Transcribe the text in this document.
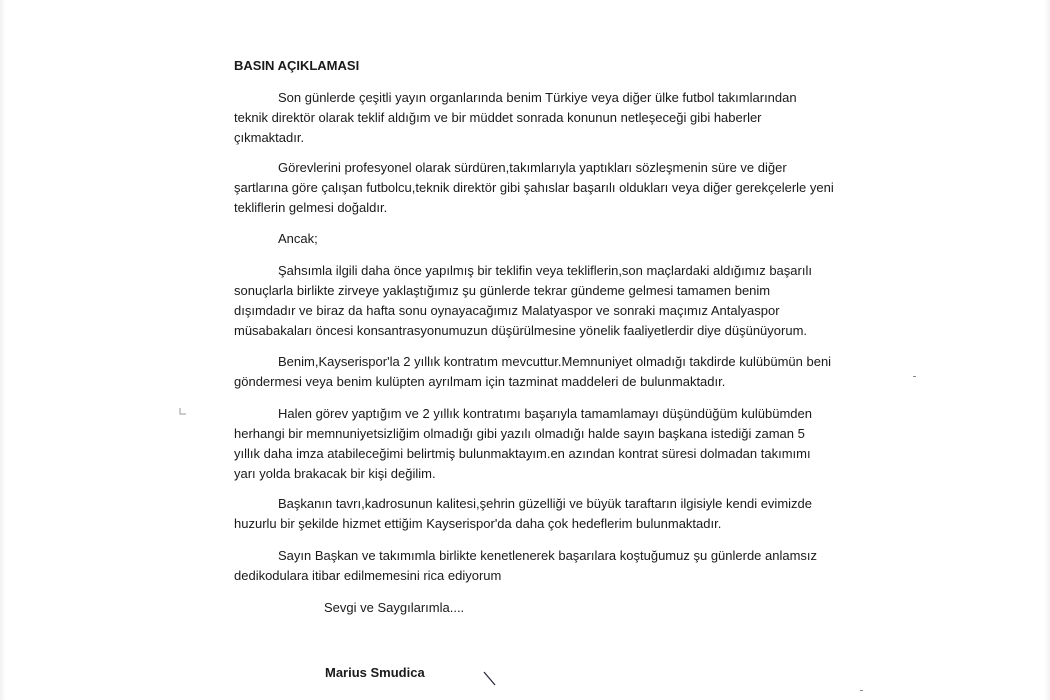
BASIN AÇIKLAMASI

Son günlerde çeşitli yayın organlarında benim Türkiye veya diğer ülke futbol takımlarından teknik direktör olarak teklif aldığım ve bir müddet sonrada konunun netleşeceği gibi haberler çıkmaktadır.

Görevlerini profesyonel olarak sürdüren,takımlarıyla yaptıkları sözleşmenin süre ve diğer şartlarına göre çalışan futbolcu,teknik direktör gibi şahıslar başarılı oldukları veya diğer gerekçelerle yeni tekliflerin gelmesi doğaldır.

Ancak;

Şahsımla ilgili daha önce yapılmış bir teklifin veya tekliflerin,son maçlardaki aldığımız başarılı sonuçlarla birlikte zirveye yaklaştığımız şu günlerde tekrar gündeme gelmesi tamamen benim dışımdadır ve biraz da hafta sonu oynayacağımız Malatyaspor ve sonraki maçımız Antalyaspor müsabakaları öncesi konsantrasyonumuzun düşürülmesine yönelik faaliyetlerdir diye düşünüyorum.

Benim,Kayserispor'la 2 yıllık kontratım mevcuttur.Memnuniyet olmadığı takdirde kulübümün beni göndermesi veya benim kulüpten ayrılmam için tazminat maddeleri de bulunmaktadır.

Halen görev yaptığım ve 2 yıllık kontratımı başarıyla tamamlamayı düşündüğüm kulübümden herhangi bir memnuniyetsizliğim olmadığı gibi yazılı olmadığı halde sayın başkana istediği zaman 5 yıllık daha imza atabileceğimi belirtmiş bulunmaktayım.en azından kontrat süresi dolmadan takımımı yarı yolda brakacak bir kişi değilim.

Başkanın tavrı,kadrosunun kalitesi,şehrin güzelliği ve büyük taraftarın ilgisiyle kendi evimizde huzurlu bir şekilde hizmet ettiğim Kayserispor'da daha çok hedeflerim bulunmaktadır.

Sayın Başkan ve takımımla birlikte kenetlenerek başarılara koştuğumuz şu günlerde anlamsız dedikodulara itibar edilmemesini rica ediyorum

Sevgi ve Saygılarımla....

Marius Smudica
